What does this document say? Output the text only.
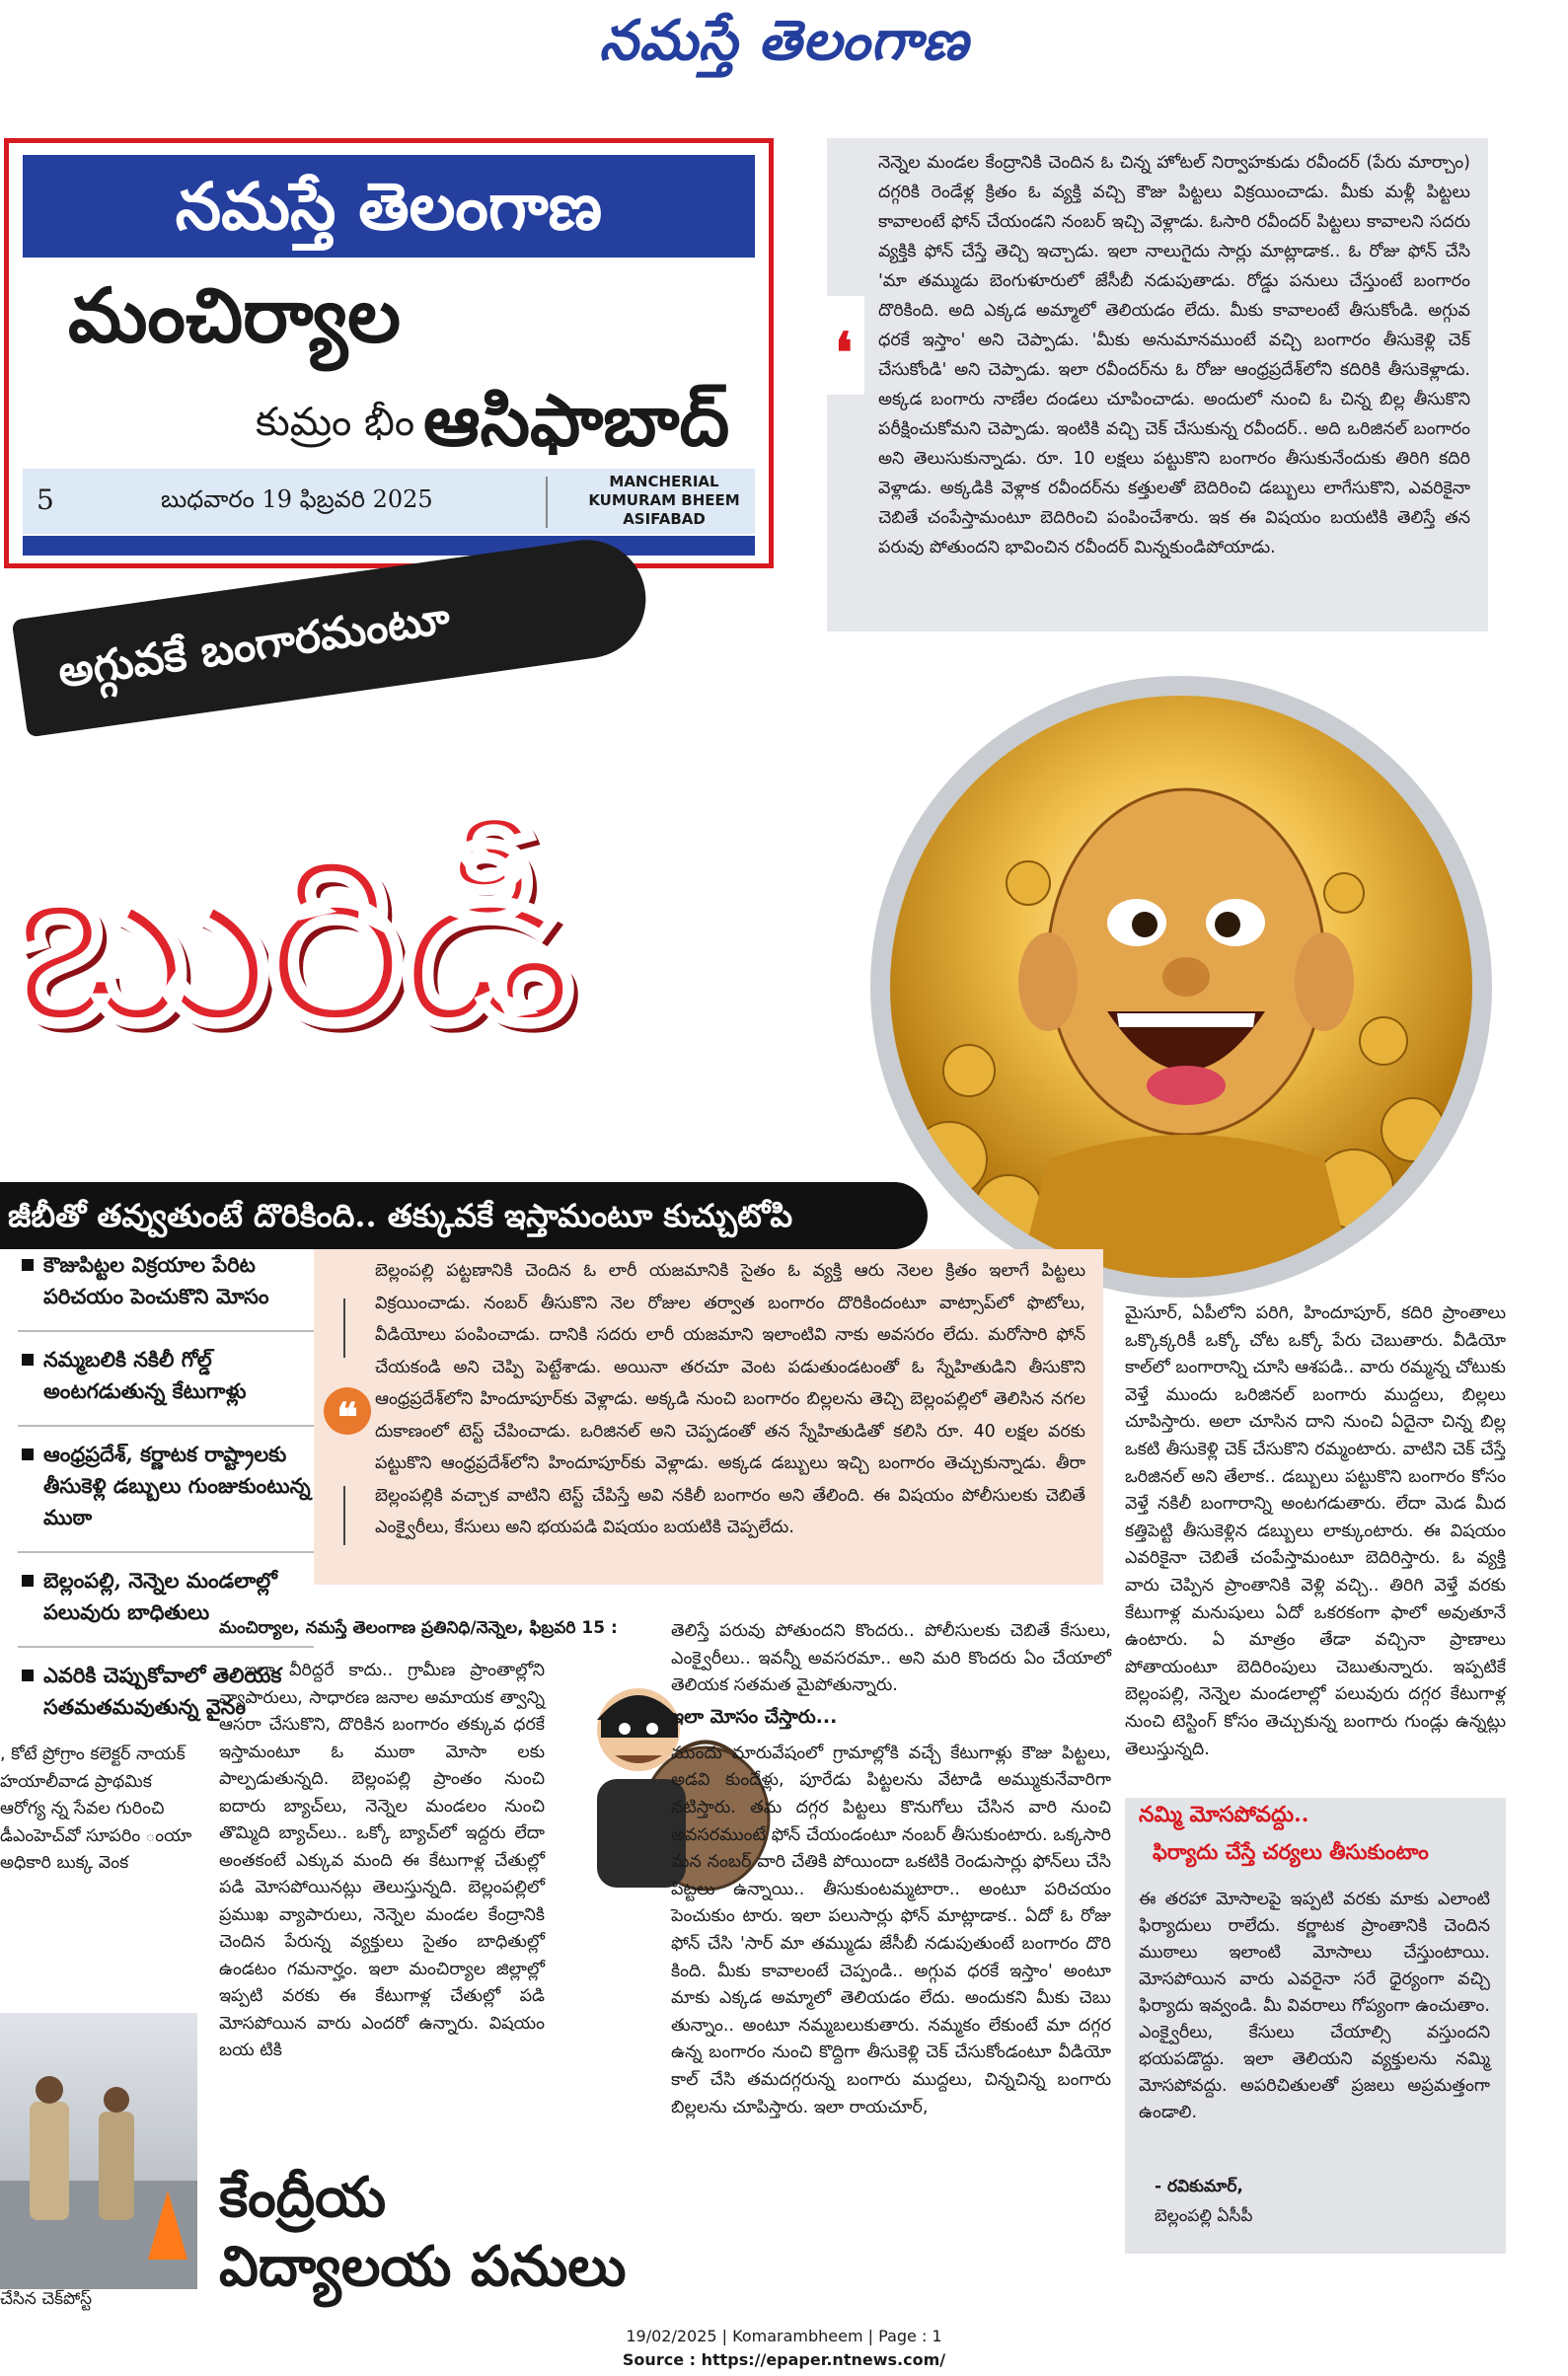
నమస్తే తెలంగాణ
నమస్తే తెలంగాణ
మంచిర్యాల
కుమ్రం భీం ఆసిఫాబాద్
5	బుధవారం 19 ఫిబ్రవరి 2025
MANCHERIAL
KUMURAM BHEEM
ASIFABAD
❛

నెన్నెల మండల కేంద్రానికి చెందిన ఓ చిన్న హోటల్ నిర్వాహకుడు రవీందర్ (పేరు మార్చాం) దగ్గరికి రెండేళ్ల క్రితం ఓ వ్యక్తి వచ్చి కౌజు పిట్టలు విక్రయించాడు. మీకు మళ్లీ పిట్టలు కావాలంటే ఫోన్ చేయండని నంబర్ ఇచ్చి వెళ్లాడు. ఓసారి రవీందర్ పిట్టలు కావాలని సదరు వ్యక్తికి ఫోన్ చేస్తే తెచ్చి ఇచ్చాడు. ఇలా నాలుగైదు సార్లు మాట్లాడాక.. ఓ రోజు ఫోన్ చేసి 'మా తమ్ముడు బెంగుళూరులో జేసీబీ నడుపుతాడు. రోడ్డు పనులు చేస్తుంటే బంగారం దొరికింది. అది ఎక్కడ అమ్మాలో తెలియడం లేదు. మీకు కావాలంటే తీసుకోండి. అగ్గువ ధరకే ఇస్తాం' అని చెప్పాడు. 'మీకు అనుమానముంటే వచ్చి బంగారం తీసుకెళ్లి చెక్ చేసుకోండి' అని చెప్పాడు. ఇలా రవీందర్‌ను ఓ రోజు ఆంధ్రప్రదేశ్‌లోని కదిరికి తీసుకెళ్లాడు. అక్కడ బంగారు నాణేల దండలు చూపించాడు. అందులో నుంచి ఓ చిన్న బిల్ల తీసుకొని పరీక్షించుకోమని చెప్పాడు. ఇంటికి వచ్చి చెక్ చేసుకున్న రవీందర్.. అది ఒరిజినల్ బంగారం అని తెలుసుకున్నాడు. రూ. 10 లక్షలు పట్టుకొని బంగారం తీసుకునేందుకు తిరిగి కదిరి వెళ్లాడు. అక్కడికి వెళ్లాక రవీందర్‌ను కత్తులతో బెదిరించి డబ్బులు లాగేసుకొని, ఎవరికైనా చెబితే చంపేస్తామంటూ బెదిరించి పంపించేశారు. ఇక ఈ విషయం బయటికి తెలిస్తే తన పరువు పోతుందని భావించిన రవీందర్ మిన్నకుండిపోయాడు.

అగ్గువకే బంగారమంటూ
బురిడీ
జీబీతో తవ్వుతుంటే దొరికింది.. తక్కువకే ఇస్తామంటూ కుచ్చుటోపి
కౌజుపిట్టల విక్రయాల పేరిట పరిచయం పెంచుకొని మోసం
నమ్మబలికి నకిలీ గోల్డ్ అంటగడుతున్న కేటుగాళ్లు
ఆంధ్రప్రదేశ్, కర్ణాటక రాష్ట్రాలకు తీసుకెళ్లి డబ్బులు గుంజుకుంటున్న ముఠా
బెల్లంపల్లి, నెన్నెల మండలాల్లో పలువురు బాధితులు
ఎవరికి చెప్పుకోవాలో తెలియక సతమతమవుతున్న వైనం
❝

బెల్లంపల్లి పట్టణానికి చెందిన ఓ లారీ యజమానికి సైతం ఓ వ్యక్తి ఆరు నెలల క్రితం ఇలాగే పిట్టలు విక్రయించాడు. నంబర్ తీసుకొని నెల రోజుల తర్వాత బంగారం దొరికిందంటూ వాట్సాప్‌లో ఫొటోలు, వీడియోలు పంపించాడు. దానికి సదరు లారీ యజమాని ఇలాంటివి నాకు అవసరం లేదు. మరోసారి ఫోన్ చేయకండి అని చెప్పి పెట్టేశాడు. అయినా తరచూ వెంట పడుతుండటంతో ఓ స్నేహితుడిని తీసుకొని ఆంధ్రప్రదేశ్‌లోని హిందూపూర్‌కు వెళ్లాడు. అక్కడి నుంచి బంగారం బిల్లలను తెచ్చి బెల్లంపల్లిలో తెలిసిన నగల దుకాణంలో టెస్ట్ చేపించాడు. ఒరిజినల్ అని చెప్పడంతో తన స్నేహితుడితో కలిసి రూ. 40 లక్షల వరకు పట్టుకొని ఆంధ్రప్రదేశ్‌లోని హిందూపూర్‌కు వెళ్లాడు. అక్కడ డబ్బులు ఇచ్చి బంగారం తెచ్చుకున్నాడు. తీరా బెల్లంపల్లికి వచ్చాక వాటిని టెస్ట్ చేపిస్తే అవి నకిలీ బంగారం అని తేలింది. ఈ విషయం పోలీసులకు చెబితే ఎంక్వైరీలు, కేసులు అని భయపడి విషయం బయటికి చెప్పలేదు.

మైసూర్, ఏపీలోని పరిగి, హిందూపూర్, కదిరి ప్రాంతాలు ఒక్కొక్కరికీ ఒక్కో చోట ఒక్కో పేరు చెబుతారు. వీడియో కాల్‌లో బంగారాన్ని చూసి ఆశపడి.. వారు రమ్మన్న చోటుకు వెళ్తే ముందు ఒరిజినల్ బంగారు ముద్దలు, బిల్లలు చూపిస్తారు. అలా చూసిన దాని నుంచి ఏదైనా చిన్న బిల్ల ఒకటి తీసుకెళ్లి చెక్ చేసుకొని రమ్మంటారు. వాటిని చెక్ చేస్తే ఒరిజినల్ అని తేలాక.. డబ్బులు పట్టుకొని బంగారం కోసం వెళ్తే నకిలీ బంగారాన్ని అంటగడుతారు. లేదా మెడ మీద కత్తిపెట్టి తీసుకెళ్లిన డబ్బులు లాక్కుంటారు. ఈ విషయం ఎవరికైనా చెబితే చంపేస్తామంటూ బెదిరిస్తారు. ఓ వ్యక్తి వారు చెప్పిన ప్రాంతానికి వెళ్లి వచ్చి.. తిరిగి వెళ్తే వరకు కేటుగాళ్ల మనుషులు ఏదో ఒకరకంగా ఫాలో అవుతూనే ఉంటారు. ఏ మాత్రం తేడా వచ్చినా ప్రాణాలు పోతాయంటూ బెదిరింపులు చెబుతున్నారు. ఇప్పటికే బెల్లంపల్లి, నెన్నెల మండలాల్లో పలువురు దగ్గర కేటుగాళ్ల నుంచి టెస్టింగ్ కోసం తెచ్చుకున్న బంగారు గుండ్లు ఉన్నట్లు తెలుస్తున్నది.

నమ్మి మోసపోవద్దు..
ఫిర్యాదు చేస్తే చర్యలు తీసుకుంటాం

ఈ తరహా మోసాలపై ఇప్పటి వరకు మాకు ఎలాంటి ఫిర్యాదులు రాలేదు. కర్ణాటక ప్రాంతానికి చెందిన ముఠాలు ఇలాంటి మోసాలు చేస్తుంటాయి. మోసపోయిన వారు ఎవరైనా సరే ధైర్యంగా వచ్చి ఫిర్యాదు ఇవ్వండి. మీ వివరాలు గోప్యంగా ఉంచుతాం. ఎంక్వైరీలు, కేసులు చేయాల్సి వస్తుందని భయపడొద్దు. ఇలా తెలియని వ్యక్తులను నమ్మి మోసపోవద్దు. అపరిచితులతో ప్రజలు అప్రమత్తంగా ఉండాలి.

- రవికుమార్,
బెల్లంపల్లి ఏసీపీ
మంచిర్యాల, నమస్తే తెలంగాణ ప్రతినిధి/నెన్నెల, ఫిబ్రవరి 15 :

.. ఇలా వీరిద్దరే కాదు.. గ్రామీణ ప్రాంతాల్లోని వ్యాపారులు, సాధారణ జనాల అమాయక త్వాన్ని ఆసరా చేసుకొని, దొరికిన బంగారం తక్కువ ధరకే ఇస్తామంటూ ఓ ముఠా మోసా లకు పాల్పడుతున్నది. బెల్లంపల్లి ప్రాంతం నుంచి ఐదారు బ్యాచ్‌లు, నెన్నెల మండలం నుంచి తొమ్మిది బ్యాచ్‌లు.. ఒక్కో బ్యాచ్‌లో ఇద్దరు లేదా అంతకంటే ఎక్కువ మంది ఈ కేటుగాళ్ల చేతుల్లో పడి మోసపోయినట్లు తెలుస్తున్నది. బెల్లంపల్లిలో ప్రముఖ వ్యాపారులు, నెన్నెల మండల కేంద్రానికి చెందిన పేరున్న వ్యక్తులు సైతం బాధితుల్లో ఉండటం గమనార్హం. ఇలా మంచిర్యాల జిల్లాల్లో ఇప్పటి వరకు ఈ కేటుగాళ్ల చేతుల్లో పడి మోసపోయిన వారు ఎందరో ఉన్నారు. విషయం బయ టికి

తెలిస్తే పరువు పోతుందని కొందరు.. పోలీసులకు చెబితే కేసులు, ఎంక్వైరీలు.. ఇవన్నీ అవసరమా.. అని మరి కొందరు ఏం చేయాలో తెలియక సతమత మైపోతున్నారు.

ఇలా మోసం చేస్తారు...

ముందు మారువేషంలో గ్రామాల్లోకి వచ్చే కేటుగాళ్లు కౌజు పిట్టలు, అడవి కుందేళ్లు, పూరేడు పిట్టలను వేటాడి అమ్ముకునేవారిగా నటిస్తారు. తమ దగ్గర పిట్టలు కొనుగోలు చేసిన వారి నుంచి అవసరముంటే ఫోన్ చేయండంటూ నంబర్ తీసుకుంటారు. ఒక్కసారి మన నంబర్ వారి చేతికి పోయిందా ఒకటికి రెండుసార్లు ఫోన్‌లు చేసి పిట్టలు ఉన్నాయి.. తీసుకుంటమ్మటారా.. అంటూ పరిచయం పెంచుకుం టారు. ఇలా పలుసార్లు ఫోన్ మాట్లాడాక.. ఏదో ఓ రోజు ఫోన్ చేసి 'సార్ మా తమ్ముడు జేసీబీ నడుపుతుంటే బంగారం దొరి కింది. మీకు కావాలంటే చెప్పండి.. అగ్గువ ధరకే ఇస్తాం' అంటూ మాకు ఎక్కడ అమ్మాలో తెలియడం లేదు. అందుకని మీకు చెబు తున్నాం.. అంటూ నమ్మబలుకుతారు. నమ్మకం లేకుంటే మా దగ్గర ఉన్న బంగారం నుంచి కొద్దిగా తీసుకెళ్లి చెక్ చేసుకోండంటూ వీడియో కాల్ చేసి తమదగ్గరున్న బంగారు ముద్దలు, చిన్నచిన్న బంగారు బిల్లలను చూపిస్తారు. ఇలా రాయచూర్,

, కోటే ప్రోగ్రాం కలెక్టర్ నాయక్ హయాలీవాడ ప్రాథమిక ఆరోగ్య న్న సేవల గురించి డీఎంహెచ్‌వో సూపరిం ంయా అధికారి బుక్క వెంక

చేసిన చెక్‌పోస్ట్
కేంద్రీయ
విద్యాలయ పనులు
19/02/2025 | Komarambheem | Page : 1
Source : https://epaper.ntnews.com/
